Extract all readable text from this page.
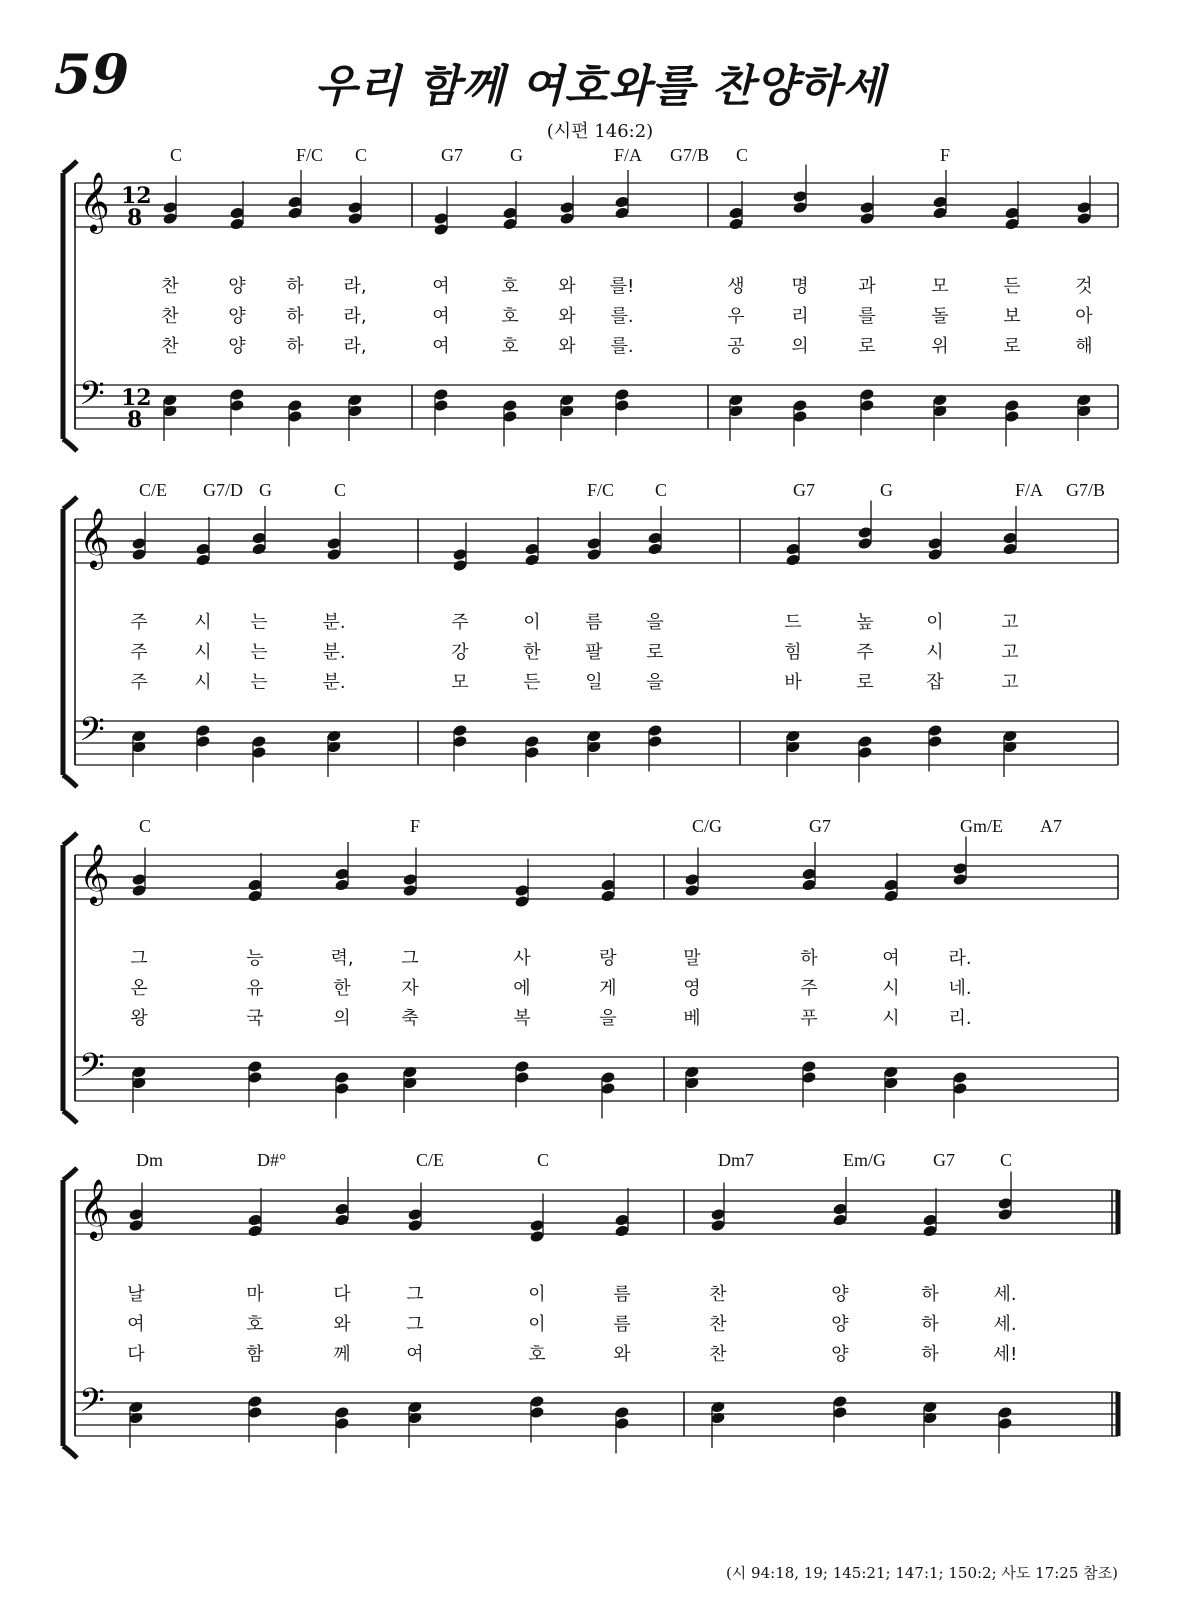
59	우리 함께 여호와를 찬양하세
(시편 146:2)
𝄞 12
8
𝄢 12
8
C	F/C C	G7	G	F/A G7/B C	F
찬	양 하 라,	여	호 와 를!	생	명	과	모	든	것
찬	양 하 라,	여	호 와 를.	우	리	를	돌	보	아
찬	양 하 라,	여	호 와 를.	공	의	로	위	로	해
𝄞
𝄢
C/E G7/D G	C	F/C C	G7	G	F/A G7/B
주	시 는	분.	주	이 름 을	드	높	이	고
주	시 는	분.	강	한 팔 로	힘	주	시	고
주	시 는	분.	모	든 일 을	바	로	잡	고
𝄞
𝄢
C	F	C/G	G7	Gm/E A7
그	능	력,	그	사	랑	말	하	여	라.
온	유	한	자	에	게	영	주	시	네.
왕	국	의	축	복	을	베	푸	시	리.
𝄞
𝄢
Dm	D#°	C/E	C	Dm7	Em/G	G7	C
날	마	다	그	이	름	찬	양	하	세.
여	호	와	그	이	름	찬	양	하	세.
다	함	께	여	호	와	찬	양	하	세!
(시 94:18, 19; 145:21; 147:1; 150:2; 사도 17:25 참조)
